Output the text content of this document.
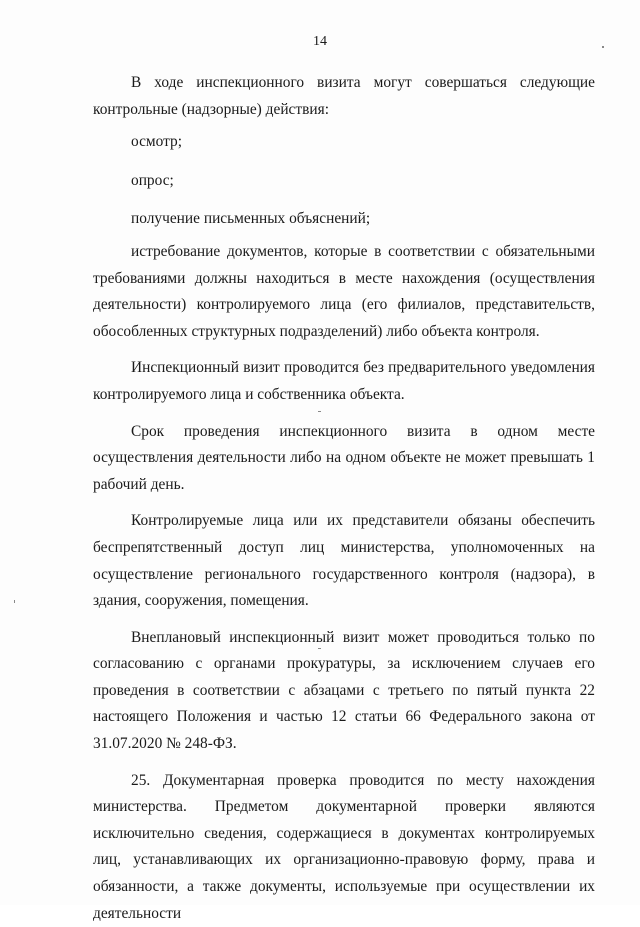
14

В ходе инспекционного визита могут совершаться следующие контрольные (надзорные) действия:

осмотр;

опрос;

получение письменных объяснений;

истребование документов, которые в соответствии с обязательными требованиями должны находиться в месте нахождения (осуществления деятельности) контролируемого лица (его филиалов, представительств, обособленных структурных подразделений) либо объекта контроля.

Инспекционный визит проводится без предварительного уведомления контролируемого лица и собственника объекта.

Срок проведения инспекционного визита в одном месте осуществления деятельности либо на одном объекте не может превышать 1 рабочий день.

Контролируемые лица или их представители обязаны обеспечить беспрепятственный доступ лиц министерства, уполномоченных на осуществление регионального государственного контроля (надзора), в здания, сооружения, помещения.

Внеплановый инспекционный визит может проводиться только по согласованию с органами прокуратуры, за исключением случаев его проведения в соответствии с абзацами с третьего по пятый пункта 22 настоящего Положения и частью 12 статьи 66 Федерального закона от 31.07.2020 № 248-ФЗ.

25. Документарная проверка проводится по месту нахождения министерства. Предметом документарной проверки являются исключительно сведения, содержащиеся в документах контролируемых лиц, устанавливающих их организационно-правовую форму, права и обязанности, а также документы, используемые при осуществлении их деятельности
